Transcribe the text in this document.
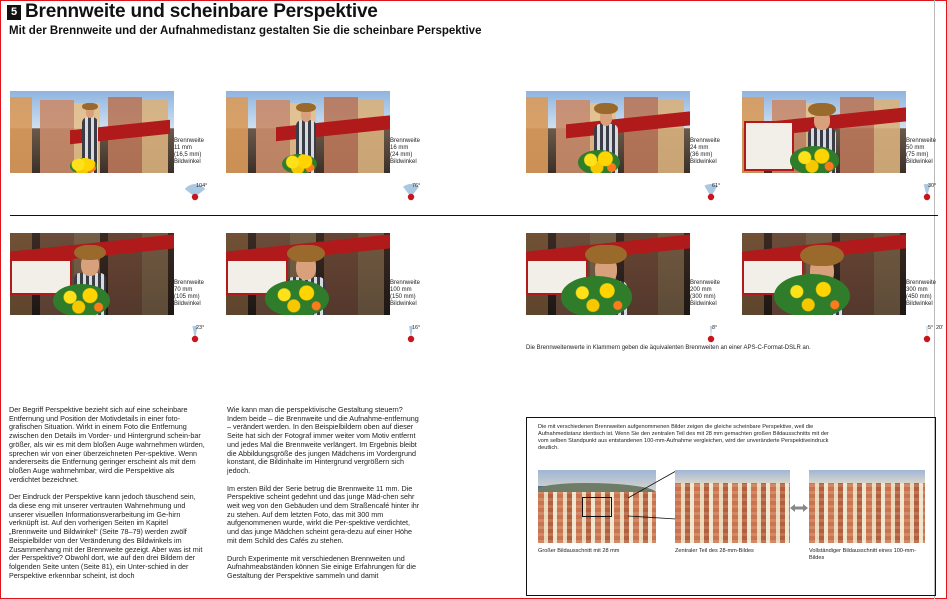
5 Brennweite und scheinbare Perspektive
Mit der Brennweite und der Aufnahmedistanz gestalten Sie die scheinbare Perspektive
Brennweite
11 mm
(16,5 mm)
Bildwinkel
104°
Brennweite
16 mm
(24 mm)
Bildwinkel
76°
Brennweite
24 mm
(36 mm)
Bildwinkel
61°
Brennweite
50 mm
(75 mm)
Bildwinkel
30°
Brennweite
70 mm
(105 mm)
Bildwinkel
23°
Brennweite
100 mm
(150 mm)
Bildwinkel
16°
Brennweite
200 mm
(300 mm)
Bildwinkel
8°
Brennweite
300 mm
(450 mm)
Bildwinkel
5° 20'
Die Brennweitenwerte in Klammern geben die äquivalenten Brennweiten an einer APS-C-Format-DSLR an.

Der Begriff Perspektive bezieht sich auf eine scheinbare Entfernung und Position der Motivdetails in einer foto-grafischen Situation. Wirkt in einem Foto die Entfernung zwischen den Details im Vorder- und Hintergrund schein-bar größer, als wir es mit dem bloßen Auge wahrnehmen würden, sprechen wir von einer überzeichneten Per-spektive. Wenn andererseits die Entfernung geringer erscheint als mit dem bloßen Auge wahrnehmbar, wird die Perspektive als verdichtet bezeichnet.

Der Eindruck der Perspektive kann jedoch täuschend sein, da diese eng mit unserer vertrauten Wahrnehmung und unserer visuellen Informationsverarbeitung im Ge-hirn verknüpft ist. Auf den vorherigen Seiten im Kapitel „Brennweite und Bildwinkel“ (Seite 78–79) werden zwölf Beispielbilder von der Veränderung des Bildwinkels im Zusammenhang mit der Brennweite gezeigt. Aber was ist mit der Perspektive? Obwohl dort, wie auf den drei Bildern der folgenden Seite unten (Seite 81), ein Unter-schied in der Perspektive erkennbar scheint, ist doch

Wie kann man die perspektivische Gestaltung steuern? Indem beide – die Brennweite und die Aufnahme-entfernung – verändert werden. In den Beispielbildern oben auf dieser Seite hat sich der Fotograf immer weiter vom Motiv entfernt und jedes Mal die Brennweite verlängert. Im Ergebnis bleibt die Abbildungsgröße des jungen Mädchens im Vordergrund konstant, die Bildinhalte im Hintergrund vergrößern sich jedoch.

Im ersten Bild der Serie betrug die Brennweite 11 mm. Die Perspektive scheint gedehnt und das junge Mäd-chen sehr weit weg von den Gebäuden und dem Straßencafé hinter ihr zu stehen. Auf dem letzten Foto, das mit 300 mm aufgenommenen wurde, wirkt die Per-spektive verdichtet, und das junge Mädchen scheint gera-dezu auf einer Höhe mit dem Schild des Cafés zu stehen.

Durch Experimente mit verschiedenen Brennweiten und Aufnahmeabständen können Sie einige Erfahrungen für die Gestaltung der Perspektive sammeln und damit

Die mit verschiedenen Brennweiten aufgenommenen Bilder zeigen die gleiche scheinbare Perspektive, weil die Aufnahmedistanz identisch ist. Wenn Sie den zentralen Teil des mit 28 mm gemachten großen Bildausschnitts mit der vom selben Standpunkt aus entstandenen 100-mm-Aufnahme vergleichen, wird der unveränderte Perspektiveindruck deutlich.
Großer Bildausschnitt mit 28 mm	Zentraler Teil des 28-mm-Bildes	Vollständiger Bildausschnitt eines 100-mm-Bildes
